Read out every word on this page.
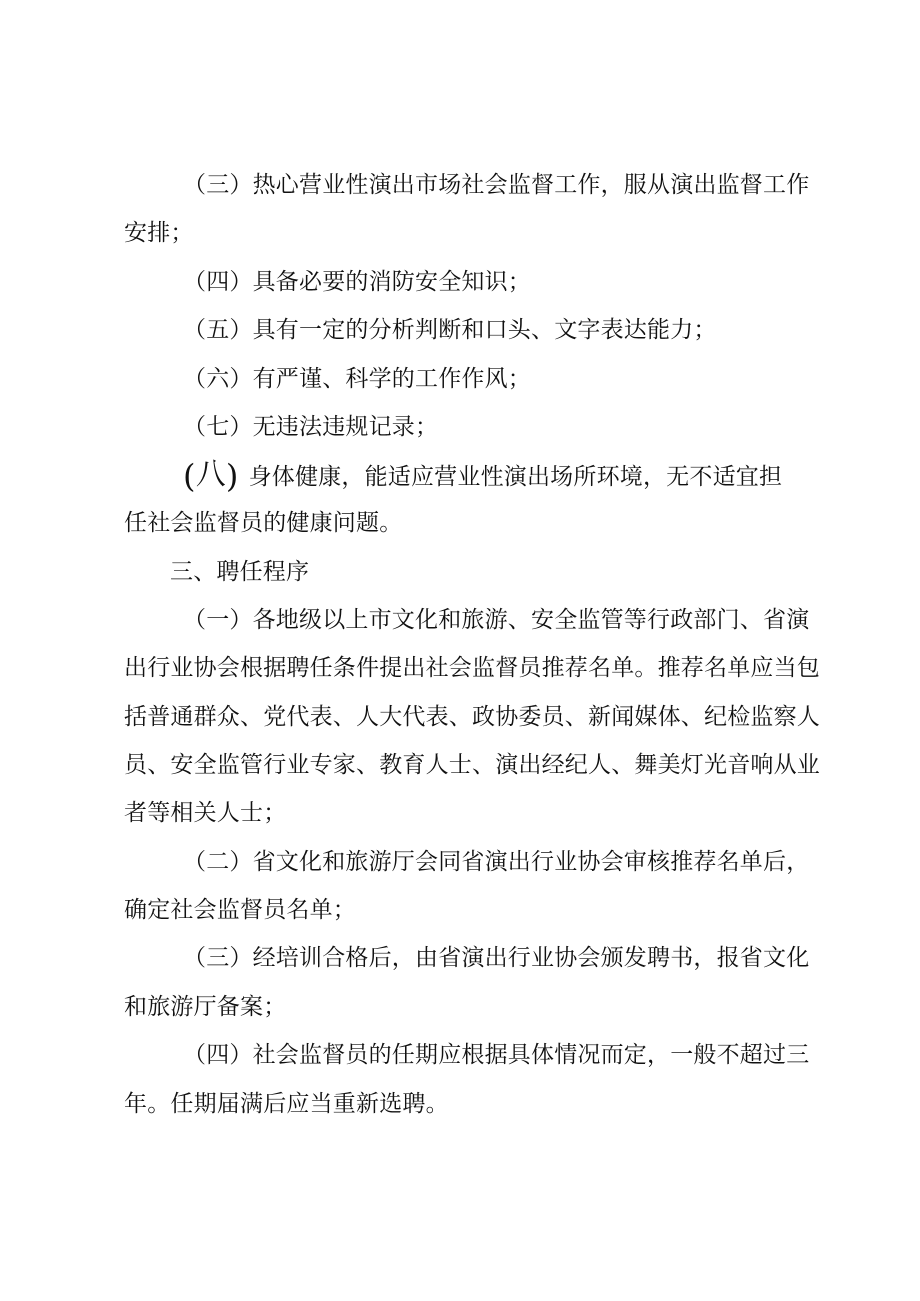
（三）热心营业性演出市场社会监督工作，服从演出监督工作
安排；
（四）具备必要的消防安全知识；
（五）具有一定的分析判断和口头、文字表达能力；
（六）有严谨、科学的工作作风；
（七）无违法违规记录；
(八) 身体健康，能适应营业性演出场所环境，无不适宜担
任社会监督员的健康问题。
三、聘任程序
（一）各地级以上市文化和旅游、安全监管等行政部门、省演
出行业协会根据聘任条件提出社会监督员推荐名单。推荐名单应当包
括普通群众、党代表、人大代表、政协委员、新闻媒体、纪检监察人
员、安全监管行业专家、教育人士、演出经纪人、舞美灯光音响从业
者等相关人士；
（二）省文化和旅游厅会同省演出行业协会审核推荐名单后，
确定社会监督员名单；
（三）经培训合格后，由省演出行业协会颁发聘书，报省文化
和旅游厅备案；
（四）社会监督员的任期应根据具体情况而定，一般不超过三
年。任期届满后应当重新选聘。
